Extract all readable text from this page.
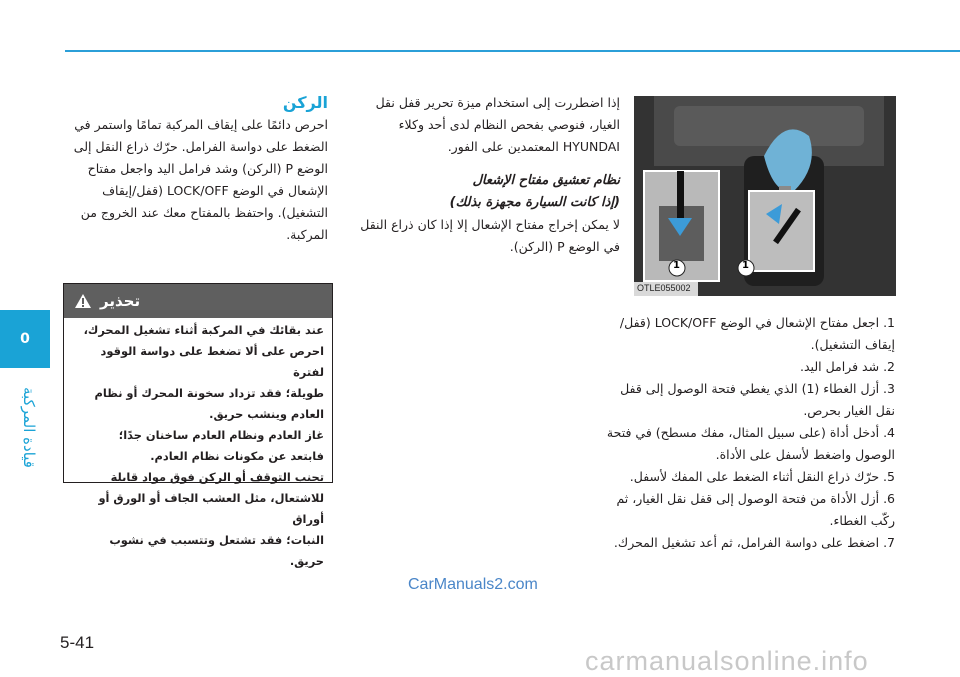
0
قيادة المركبة
1	1
OTLE055002
1. اجعل مفتاح الإشعال في الوضع LOCK/OFF (قفل/إيقاف التشغيل).
2. شد فرامل اليد.
3. أزل الغطاء (1) الذي يغطي فتحة الوصول إلى قفل نقل الغيار بحرص.
4. أدخل أداة (على سبيل المثال، مفك مسطح) في فتحة الوصول واضغط لأسفل على الأداة.
5. حرّك ذراع النقل أثناء الضغط على المفك لأسفل.
6. أزل الأداة من فتحة الوصول إلى قفل نقل الغيار، ثم ركّب الغطاء.
7. اضغط على دواسة الفرامل، ثم أعد تشغيل المحرك.
إذا اضطررت إلى استخدام ميزة تحرير قفل نقل الغيار، فنوصي بفحص النظام لدى أحد وكلاء HYUNDAI المعتمدين على الفور.
نظام تعشيق مفتاح الإشعال
(إذا كانت السيارة مجهزة بذلك)
لا يمكن إخراج مفتاح الإشعال إلا إذا كان ذراع النقل في الوضع P (الركن).
الركن
احرص دائمًا على إيقاف المركبة تمامًا واستمر في الضغط على دواسة الفرامل. حرّك ذراع النقل إلى الوضع P (الركن) وشد فرامل اليد واجعل مفتاح الإشعال في الوضع LOCK/OFF (قفل/إيقاف التشغيل). واحتفظ بالمفتاح معك عند الخروج من المركبة.
تحذير
عند بقائك في المركبة أثناء تشغيل المحرك،
احرص على ألا تضغط على دواسة الوقود لفترة
طويلة؛ فقد تزداد سخونة المحرك أو نظام
العادم وينشب حريق.
غاز العادم ونظام العادم ساخنان جدًا؛
فابتعد عن مكونات نظام العادم.
تجنب التوقف أو الركن فوق مواد قابلة
للاشتعال، مثل العشب الجاف أو الورق أو أوراق
النبات؛ فقد تشتعل وتتسبب في نشوب حريق.
5-41
CarManuals2.com
carmanualsonline.info
